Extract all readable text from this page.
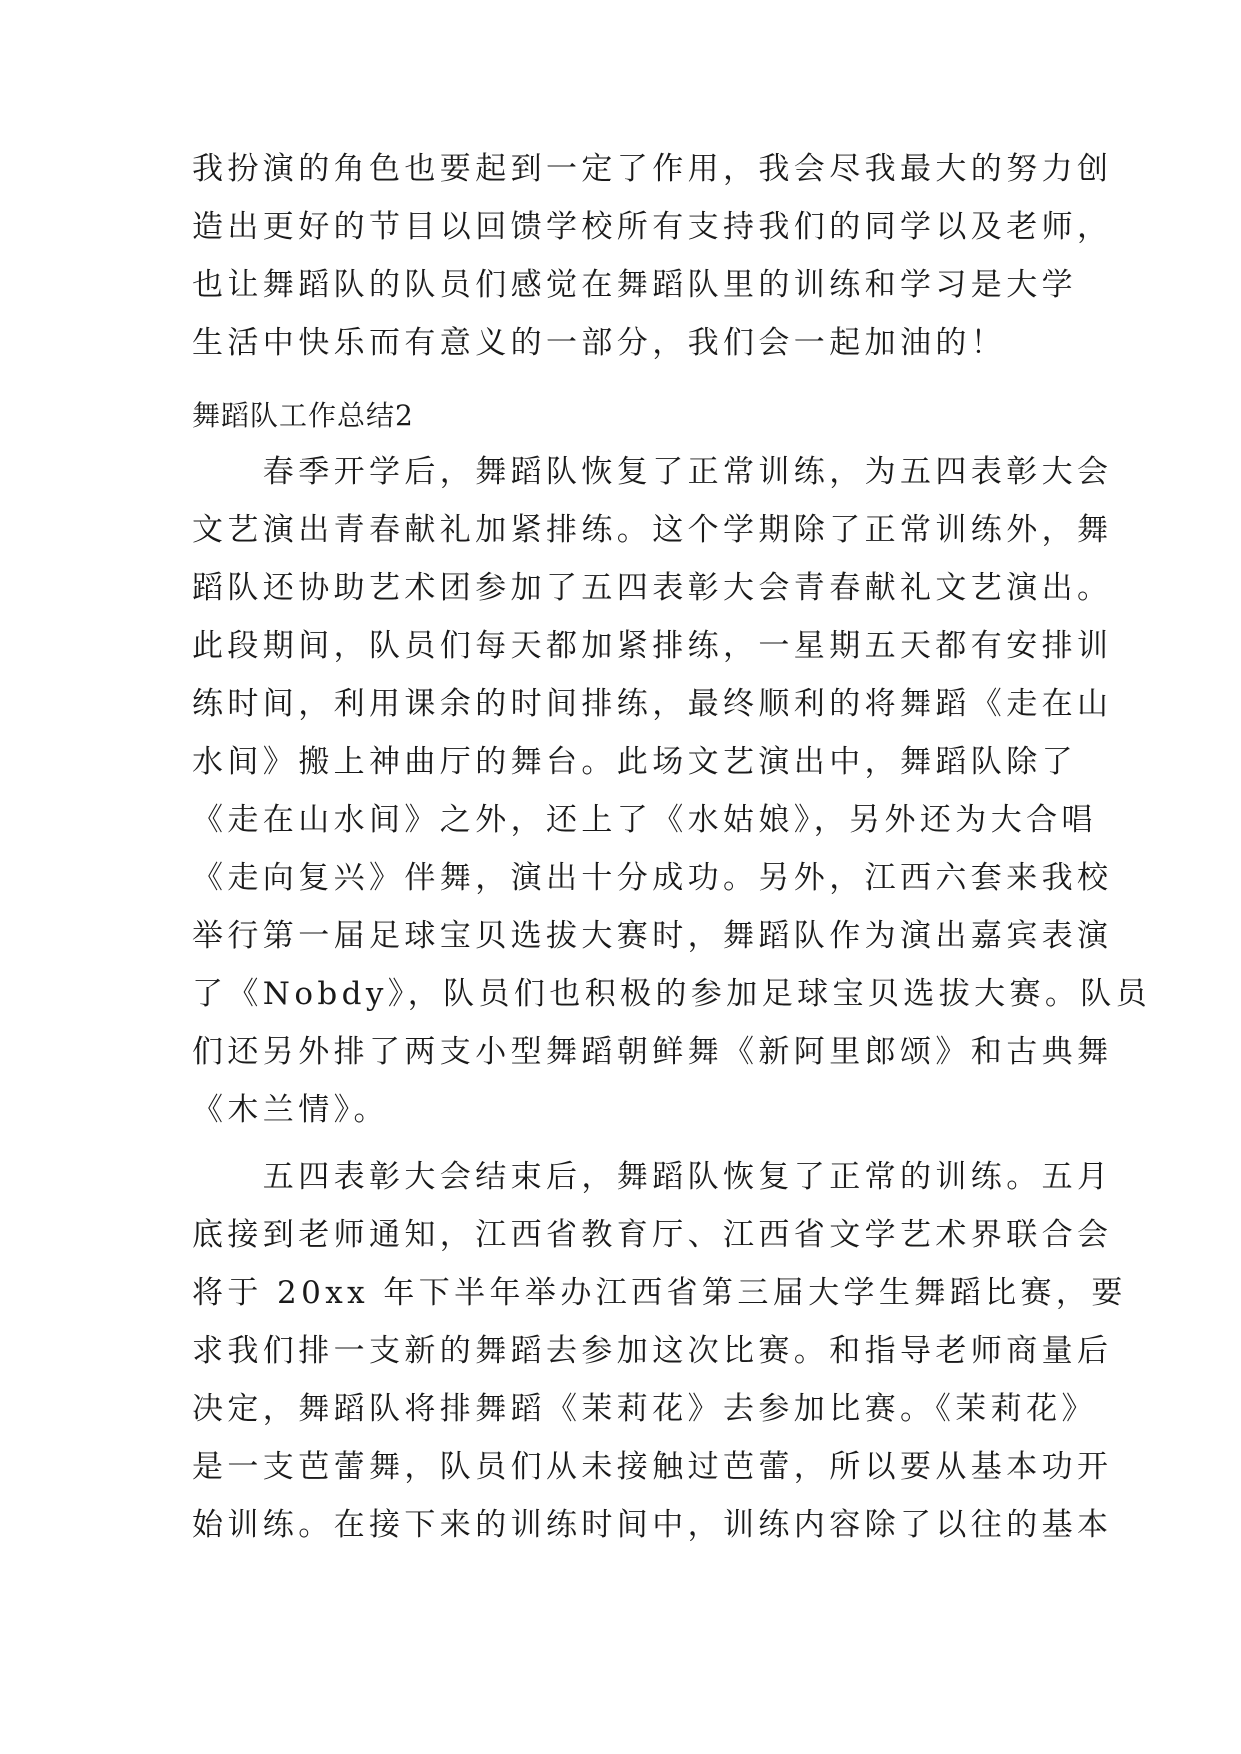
我扮演的角色也要起到一定了作用，我会尽我最大的努力创
造出更好的节目以回馈学校所有支持我们的同学以及老师，
也让舞蹈队的队员们感觉在舞蹈队里的训练和学习是大学
生活中快乐而有意义的一部分，我们会一起加油的！
舞蹈队工作总结2
　　春季开学后，舞蹈队恢复了正常训练，为五四表彰大会
文艺演出青春献礼加紧排练。这个学期除了正常训练外，舞
蹈队还协助艺术团参加了五四表彰大会青春献礼文艺演出。
此段期间，队员们每天都加紧排练，一星期五天都有安排训
练时间，利用课余的时间排练，最终顺利的将舞蹈《走在山
水间》搬上神曲厅的舞台。此场文艺演出中，舞蹈队除了
《走在山水间》之外，还上了《水姑娘》，另外还为大合唱
《走向复兴》伴舞，演出十分成功。另外，江西六套来我校
举行第一届足球宝贝选拔大赛时，舞蹈队作为演出嘉宾表演
了《Nobdy》，队员们也积极的参加足球宝贝选拔大赛。队员
们还另外排了两支小型舞蹈朝鲜舞《新阿里郎颂》和古典舞
《木兰情》。
　　五四表彰大会结束后，舞蹈队恢复了正常的训练。五月
底接到老师通知，江西省教育厅、江西省文学艺术界联合会
将于 20xx 年下半年举办江西省第三届大学生舞蹈比赛，要
求我们排一支新的舞蹈去参加这次比赛。和指导老师商量后
决定，舞蹈队将排舞蹈《茉莉花》去参加比赛。《茉莉花》
是一支芭蕾舞，队员们从未接触过芭蕾，所以要从基本功开
始训练。在接下来的训练时间中，训练内容除了以往的基本
